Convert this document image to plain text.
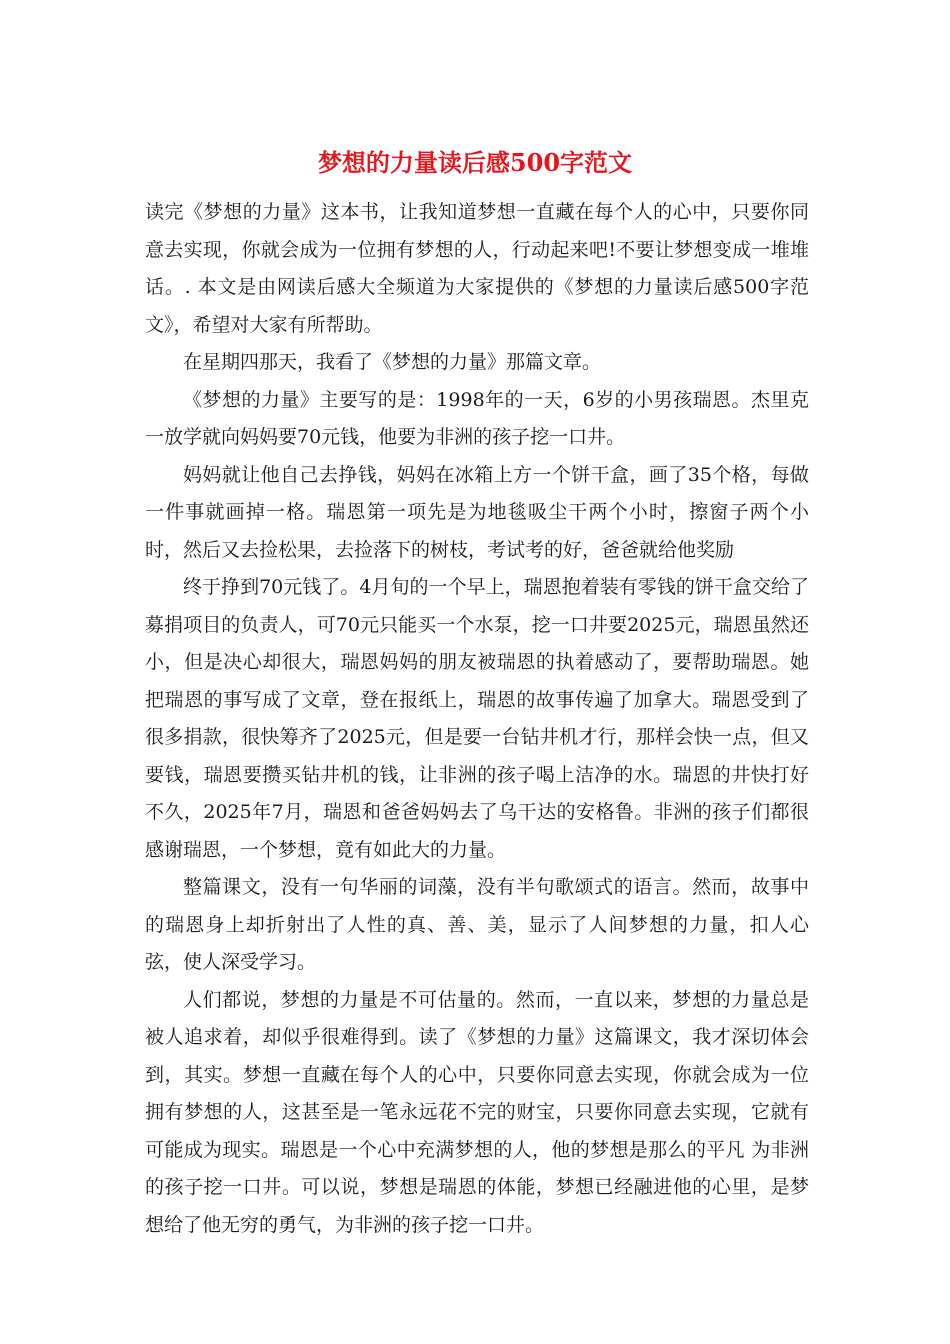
梦想的力量读后感500字范文

读完《梦想的力量》这本书，让我知道梦想一直藏在每个人的心中，只要你同意去实现，你就会成为一位拥有梦想的人，行动起来吧!不要让梦想变成一堆堆话。. 本文是由网读后感大全频道为大家提供的《梦想的力量读后感500字范文》，希望对大家有所帮助。

在星期四那天，我看了《梦想的力量》那篇文章。

《梦想的力量》主要写的是：1998年的一天，6岁的小男孩瑞恩。杰里克一放学就向妈妈要70元钱，他要为非洲的孩子挖一口井。

妈妈就让他自己去挣钱，妈妈在冰箱上方一个饼干盒，画了35个格，每做一件事就画掉一格。瑞恩第一项先是为地毯吸尘干两个小时，擦窗子两个小时，然后又去捡松果，去捡落下的树枝，考试考的好，爸爸就给他奖励

终于挣到70元钱了。4月旬的一个早上，瑞恩抱着装有零钱的饼干盒交给了募捐项目的负责人，可70元只能买一个水泵，挖一口井要2025元，瑞恩虽然还小，但是决心却很大，瑞恩妈妈的朋友被瑞恩的执着感动了，要帮助瑞恩。她把瑞恩的事写成了文章，登在报纸上，瑞恩的故事传遍了加拿大。瑞恩受到了很多捐款，很快筹齐了2025元，但是要一台钻井机才行，那样会快一点，但又要钱，瑞恩要攒买钻井机的钱，让非洲的孩子喝上洁净的水。瑞恩的井快打好不久，2025年7月，瑞恩和爸爸妈妈去了乌干达的安格鲁。非洲的孩子们都很感谢瑞恩，一个梦想，竟有如此大的力量。

整篇课文，没有一句华丽的词藻，没有半句歌颂式的语言。然而，故事中的瑞恩身上却折射出了人性的真、善、美，显示了人间梦想的力量，扣人心弦，使人深受学习。

人们都说，梦想的力量是不可估量的。然而，一直以来，梦想的力量总是被人追求着，却似乎很难得到。读了《梦想的力量》这篇课文，我才深切体会到，其实。梦想一直藏在每个人的心中，只要你同意去实现，你就会成为一位拥有梦想的人，这甚至是一笔永远花不完的财宝，只要你同意去实现，它就有可能成为现实。瑞恩是一个心中充满梦想的人，他的梦想是那么的平凡 为非洲的孩子挖一口井。可以说，梦想是瑞恩的体能，梦想已经融进他的心里，是梦想给了他无穷的勇气，为非洲的孩子挖一口井。
